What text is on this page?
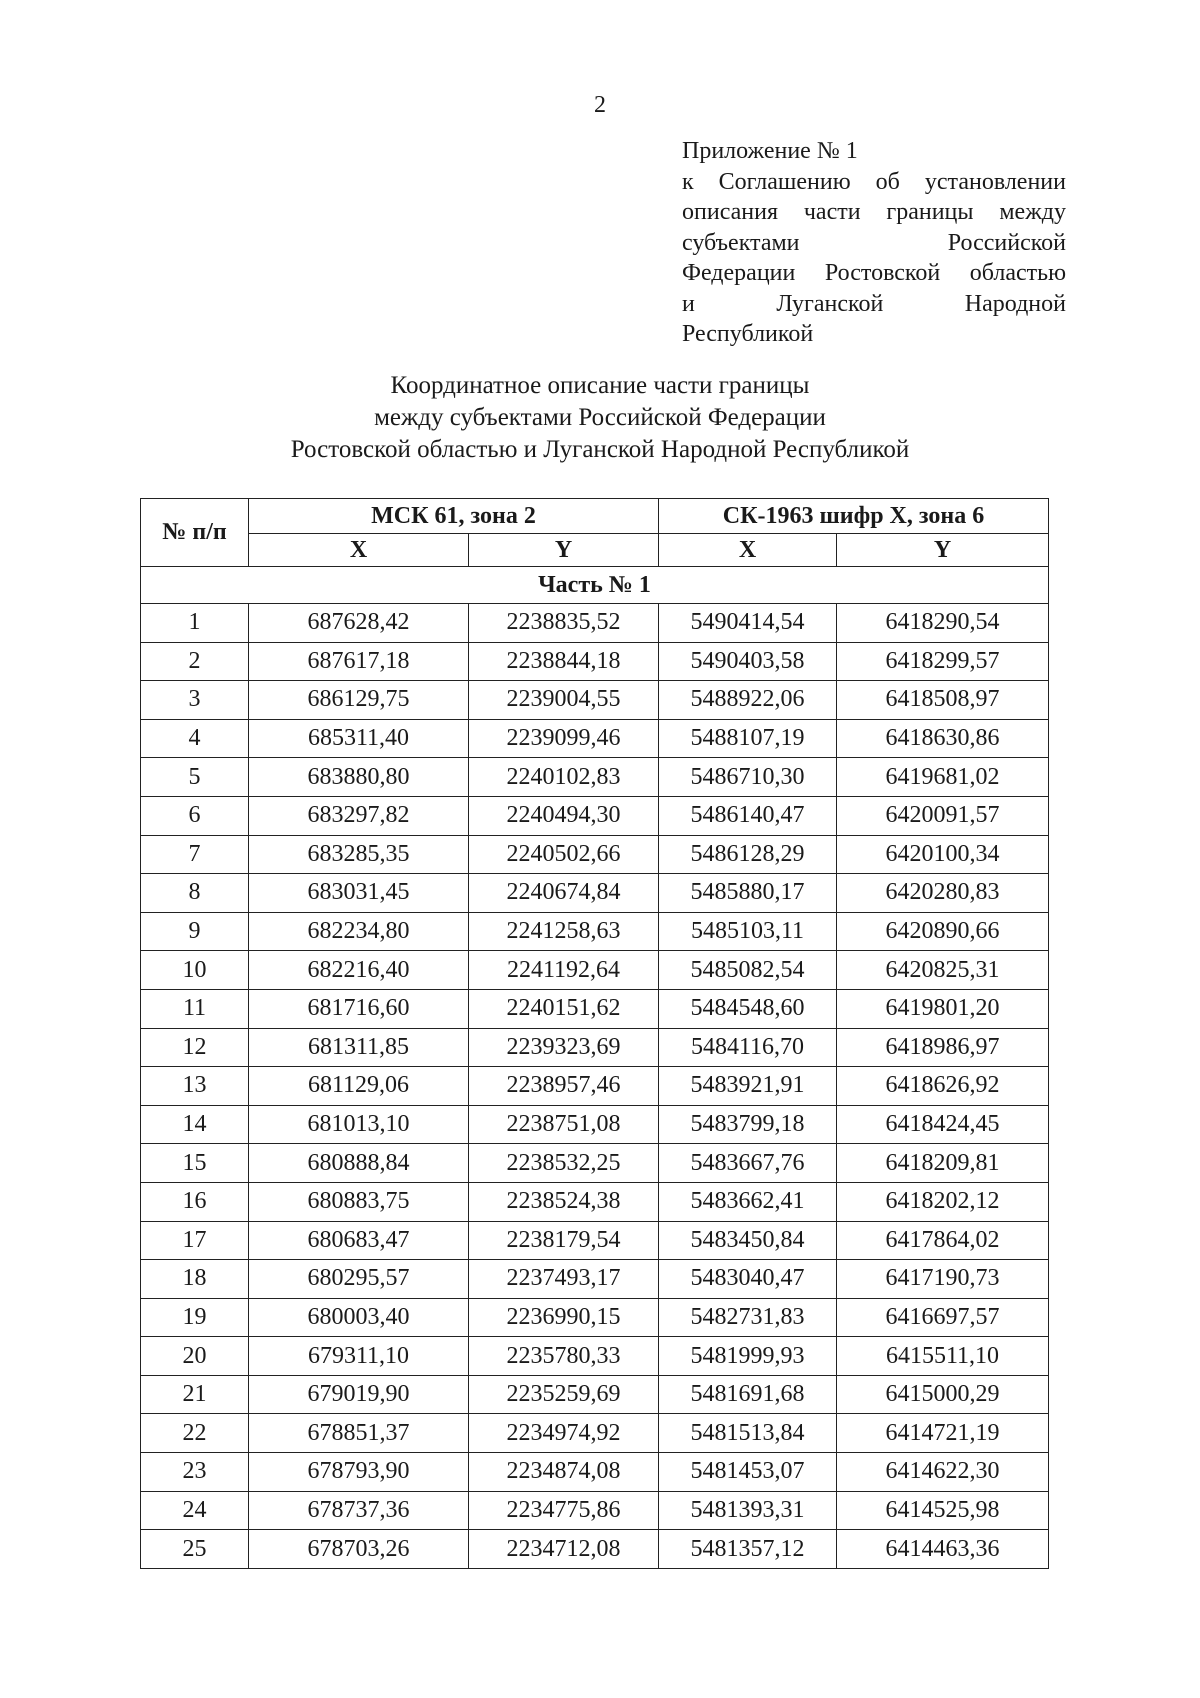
2
Приложение № 1
к Соглашению об установлении
описания части границы между
субъектами Российской
Федерации Ростовской областью
и Луганской Народной
Республикой
Координатное описание части границы
между субъектами Российской Федерации
Ростовской областью и Луганской Народной Республикой
№ п/п	МСК 61, зона 2		СК-1963 шифр X, зона 6	
	X	Y	X	Y
Часть № 1				
1	687628,42	2238835,52	5490414,54	6418290,54
2	687617,18	2238844,18	5490403,58	6418299,57
3	686129,75	2239004,55	5488922,06	6418508,97
4	685311,40	2239099,46	5488107,19	6418630,86
5	683880,80	2240102,83	5486710,30	6419681,02
6	683297,82	2240494,30	5486140,47	6420091,57
7	683285,35	2240502,66	5486128,29	6420100,34
8	683031,45	2240674,84	5485880,17	6420280,83
9	682234,80	2241258,63	5485103,11	6420890,66
10	682216,40	2241192,64	5485082,54	6420825,31
11	681716,60	2240151,62	5484548,60	6419801,20
12	681311,85	2239323,69	5484116,70	6418986,97
13	681129,06	2238957,46	5483921,91	6418626,92
14	681013,10	2238751,08	5483799,18	6418424,45
15	680888,84	2238532,25	5483667,76	6418209,81
16	680883,75	2238524,38	5483662,41	6418202,12
17	680683,47	2238179,54	5483450,84	6417864,02
18	680295,57	2237493,17	5483040,47	6417190,73
19	680003,40	2236990,15	5482731,83	6416697,57
20	679311,10	2235780,33	5481999,93	6415511,10
21	679019,90	2235259,69	5481691,68	6415000,29
22	678851,37	2234974,92	5481513,84	6414721,19
23	678793,90	2234874,08	5481453,07	6414622,30
24	678737,36	2234775,86	5481393,31	6414525,98
25	678703,26	2234712,08	5481357,12	6414463,36
